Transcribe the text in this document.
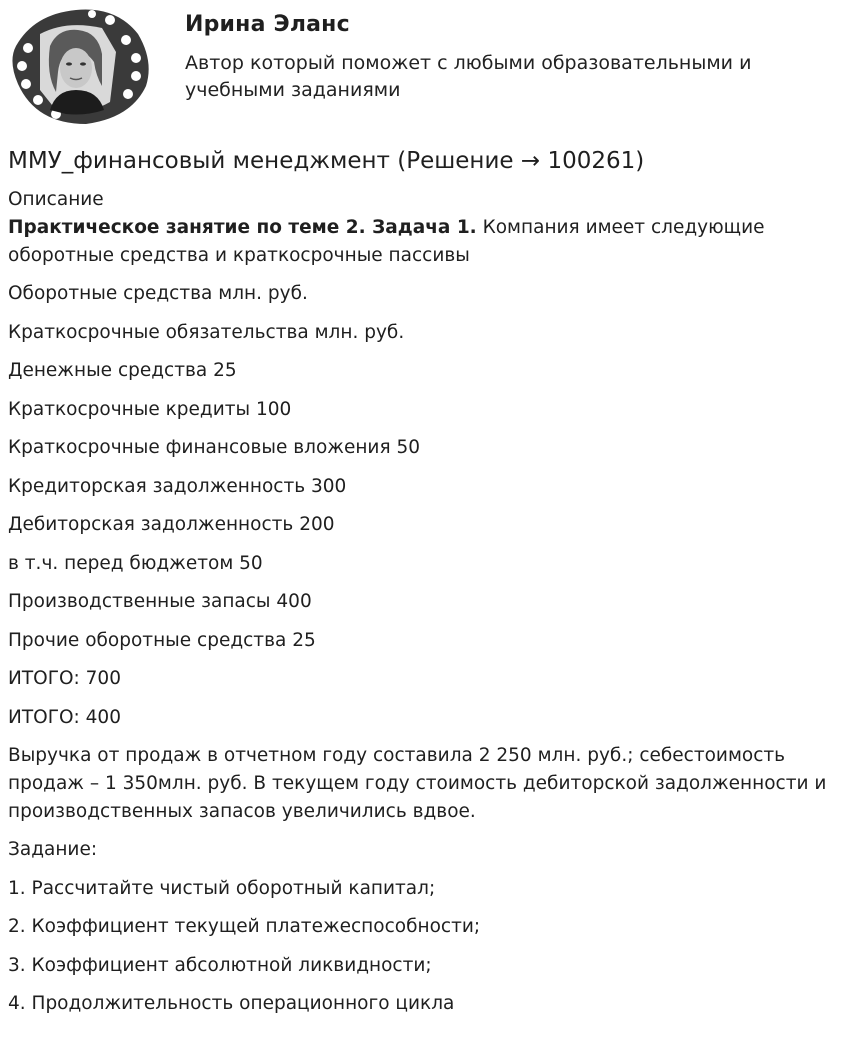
Ирина Эланс
Автор который поможет с любыми образовательными и учебными заданиями
ММУ_финансовый менеджмент (Решение → 100261)

Описание

Практическое занятие по теме 2. Задача 1. Компания имеет следующие оборотные средства и краткосрочные пассивы

Оборотные средства млн. руб.

Краткосрочные обязательства млн. руб.

Денежные средства 25

Краткосрочные кредиты 100

Краткосрочные финансовые вложения 50

Кредиторская задолженность 300

Дебиторская задолженность 200

в т.ч. перед бюджетом 50

Производственные запасы 400

Прочие оборотные средства 25

ИТОГО: 700

ИТОГО: 400

Выручка от продаж в отчетном году составила 2 250 млн. руб.; себестоимость продаж – 1 350млн. руб. В текущем году стоимость дебиторской задолженности и производственных запасов увеличились вдвое.

Задание:

1. Рассчитайте чистый оборотный капитал;

2. Коэффициент текущей платежеспособности;

3. Коэффициент абсолютной ликвидности;

4. Продолжительность операционного цикла
